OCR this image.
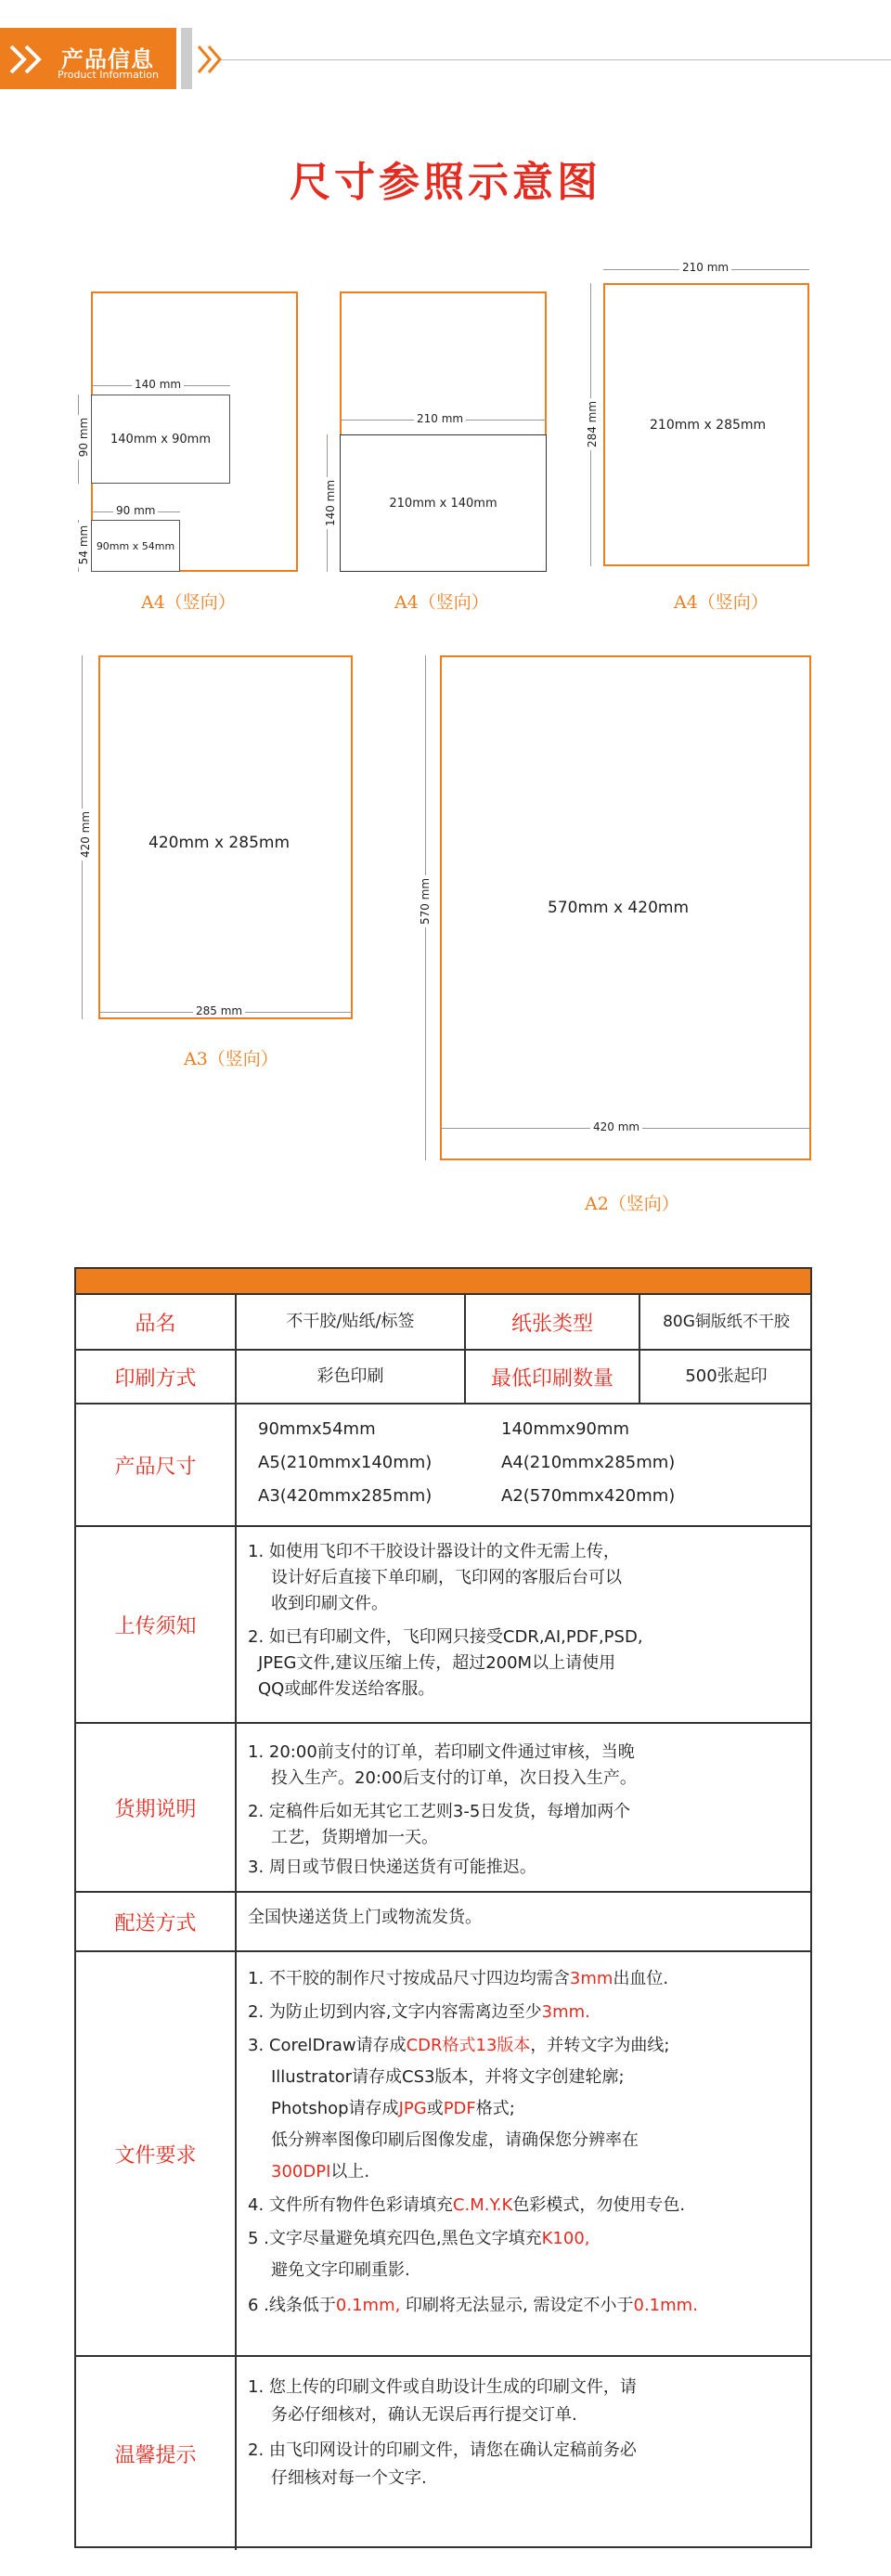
产品信息
Product Information
尺寸参照示意图
140 mm
90 mm	140mm x 90mm
90 mm
54 mm 90mm x 54mm
A4（竖向）
210 mm
140 mm	210mm x 140mm
A4（竖向）
210 mm
284 mm	210mm x 285mm
A4（竖向）
420 mm	420mm x 285mm
285 mm
A3（竖向）
570 mm	570mm x 420mm
420 mm
A2（竖向）
品名	不干胶/贴纸/标签	纸张类型	80G铜版纸不干胶
印刷方式	彩色印刷	最低印刷数量	500张起印
产品尺寸
90mmx54mm	140mmx90mm
A5(210mmx140mm)	A4(210mmx285mm)
A3(420mmx285mm)	A2(570mmx420mm)
上传须知
1. 如使用飞印不干胶设计器设计的文件无需上传，
设计好后直接下单印刷，飞印网的客服后台可以
收到印刷文件。
2. 如已有印刷文件，飞印网只接受CDR,AI,PDF,PSD,
JPEG文件,建议压缩上传，超过200M以上请使用
QQ或邮件发送给客服。
货期说明
1. 20:00前支付的订单，若印刷文件通过审核，当晚
投入生产。20:00后支付的订单，次日投入生产。
2. 定稿件后如无其它工艺则3-5日发货，每增加两个
工艺，货期增加一天。
3. 周日或节假日快递送货有可能推迟。
配送方式	全国快递送货上门或物流发货。
文件要求
1. 不干胶的制作尺寸按成品尺寸四边均需含3mm出血位.
2. 为防止切到内容,文字内容需离边至少3mm.
3. CorelDraw请存成CDR格式13版本，并转文字为曲线;
Illustrator请存成CS3版本，并将文字创建轮廓;
Photshop请存成JPG或PDF格式;
低分辨率图像印刷后图像发虚，请确保您分辨率在
300DPI以上.
4. 文件所有物件色彩请填充C.M.Y.K色彩模式，勿使用专色.
5 .文字尽量避免填充四色,黑色文字填充K100,
避免文字印刷重影.
6 .线条低于0.1mm, 印刷将无法显示, 需设定不小于0.1mm.
温馨提示
1. 您上传的印刷文件或自助设计生成的印刷文件，请
务必仔细核对，确认无误后再行提交订单.
2. 由飞印网设计的印刷文件，请您在确认定稿前务必
仔细核对每一个文字.
